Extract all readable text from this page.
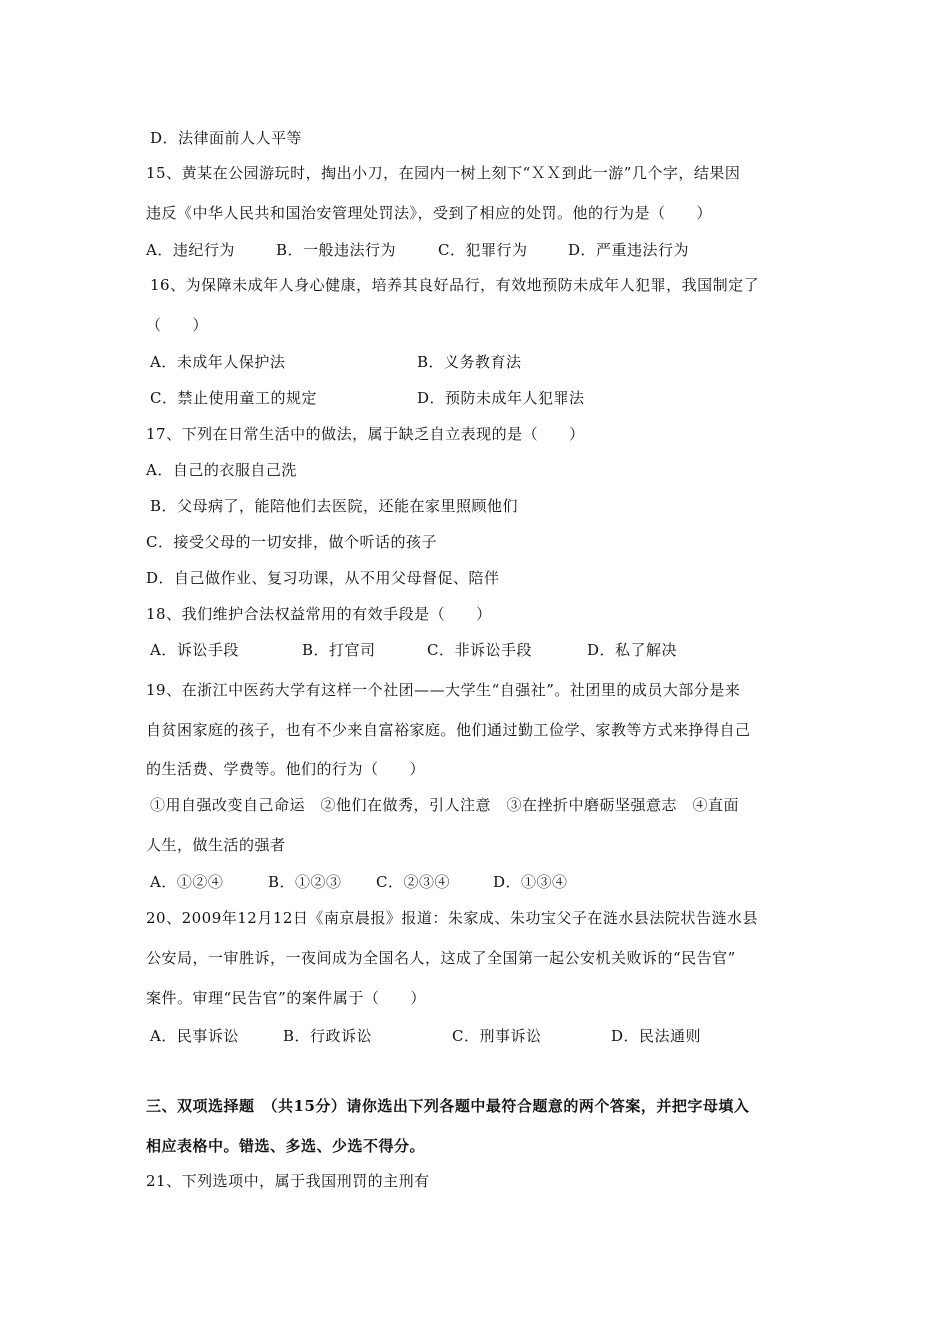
D．法律面前人人平等
15、黄某在公园游玩时，掏出小刀，在园内一树上刻下“ＸＸ到此一游”几个字，结果因
违反《中华人民共和国治安管理处罚法》，受到了相应的处罚。他的行为是（　　）
A．违纪行为	B．一般违法行为	C．犯罪行为	D．严重违法行为
16、为保障未成年人身心健康，培养其良好品行，有效地预防未成年人犯罪，我国制定了
（　　）
A．未成年人保护法	B．义务教育法
C．禁止使用童工的规定	D．预防未成年人犯罪法
17、下列在日常生活中的做法，属于缺乏自立表现的是（　　）
A．自己的衣服自己洗
B．父母病了，能陪他们去医院，还能在家里照顾他们
C．接受父母的一切安排，做个听话的孩子
D．自己做作业、复习功课，从不用父母督促、陪伴
18、我们维护合法权益常用的有效手段是（　　）
A．诉讼手段	B．打官司	C．非诉讼手段	D．私了解决
19、在浙江中医药大学有这样一个社团——大学生“自强社”。社团里的成员大部分是来
自贫困家庭的孩子，也有不少来自富裕家庭。他们通过勤工俭学、家教等方式来挣得自己
的生活费、学费等。他们的行为（　　）
①用自强改变自己命运　②他们在做秀，引人注意　③在挫折中磨砺坚强意志　④直面
人生，做生活的强者
A．①②④	B．①②③ C．②③④	D．①③④
20、2009年12月12日《南京晨报》报道：朱家成、朱功宝父子在涟水县法院状告涟水县
公安局，一审胜诉，一夜间成为全国名人，这成了全国第一起公安机关败诉的“民告官”
案件。审理“民告官”的案件属于（　　）
A．民事诉讼	B．行政诉讼	C．刑事诉讼	D．民法通则
三、双项选择题　（共15分）请你选出下列各题中最符合题意的两个答案，并把字母填入
相应表格中。错选、多选、少选不得分。
21、下列选项中，属于我国刑罚的主刑有
